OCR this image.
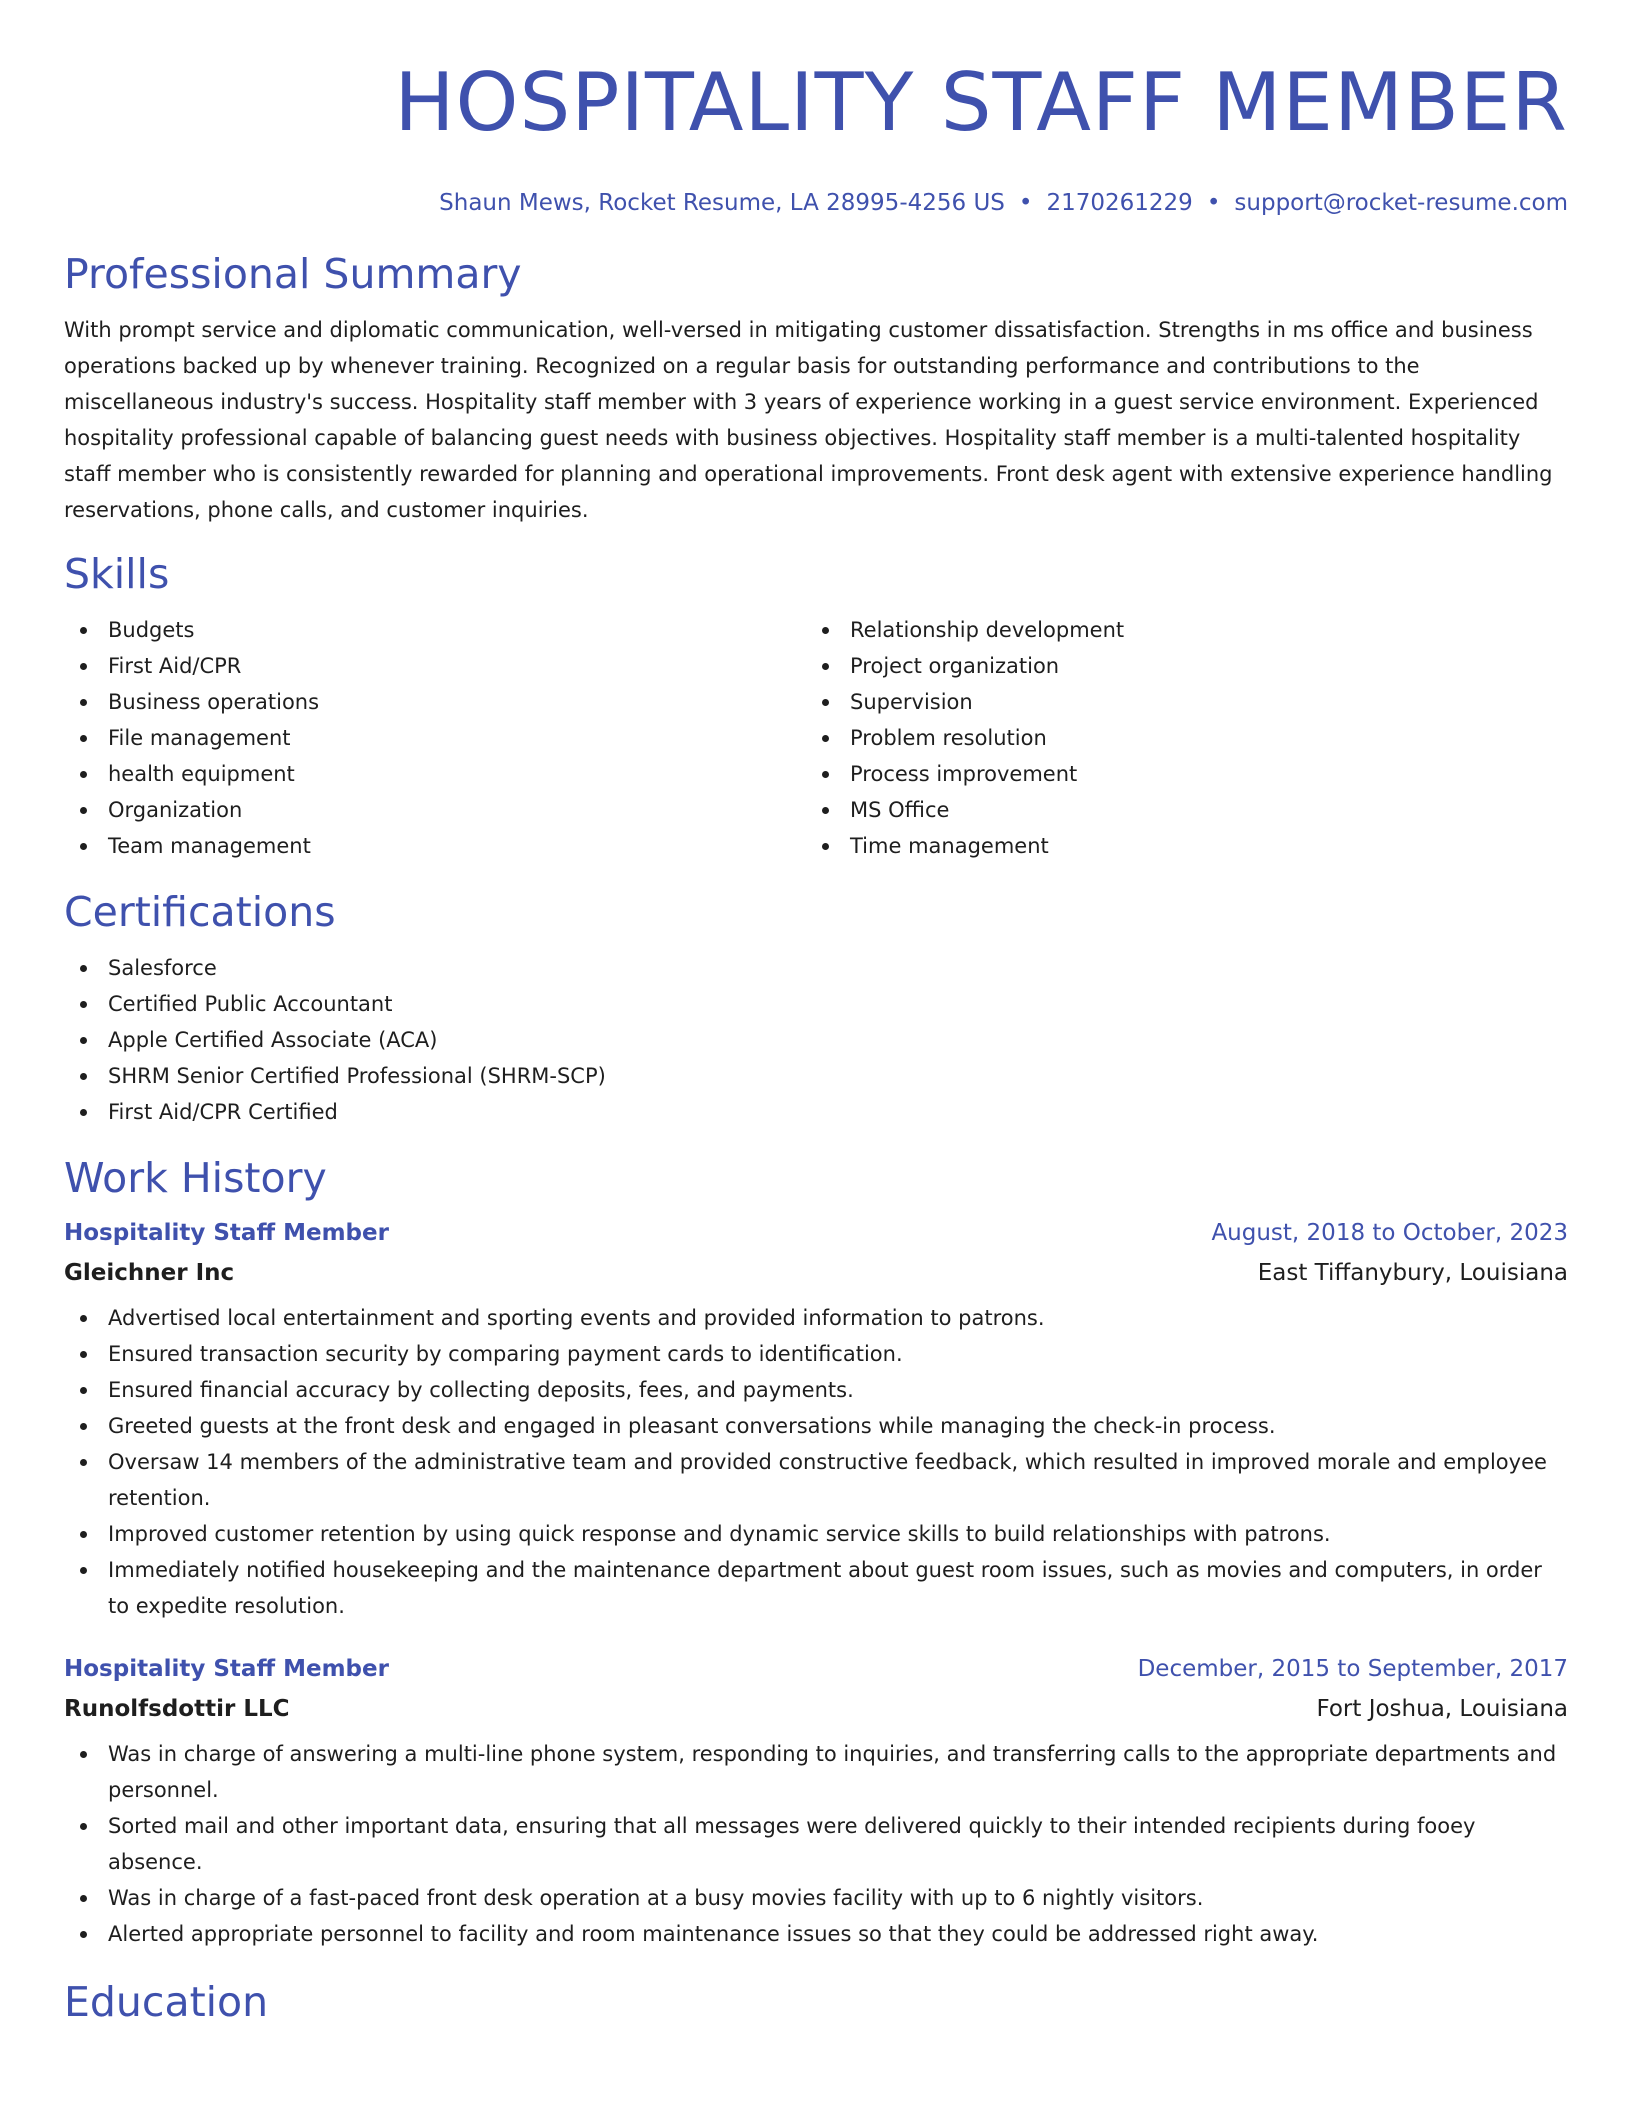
HOSPITALITY STAFF MEMBER
Shaun Mews, Rocket Resume, LA 28995-4256 US • 2170261229 • support@rocket-resume.com
Professional Summary

With prompt service and diplomatic communication, well-versed in mitigating customer dissatisfaction. Strengths in ms office and business operations backed up by whenever training. Recognized on a regular basis for outstanding performance and contributions to the miscellaneous industry's success. Hospitality staff member with 3 years of experience working in a guest service environment. Experienced hospitality professional capable of balancing guest needs with business objectives. Hospitality staff member is a multi-talented hospitality staff member who is consistently rewarded for planning and operational improvements. Front desk agent with extensive experience handling reservations, phone calls, and customer inquiries.

Skills
Budgets
First Aid/CPR
Business operations
File management
health equipment
Organization
Team management
Relationship development
Project organization
Supervision
Problem resolution
Process improvement
MS Office
Time management
Certifications
Salesforce
Certified Public Accountant
Apple Certified Associate (ACA)
SHRM Senior Certified Professional (SHRM-SCP)
First Aid/CPR Certified
Work History
Hospitality Staff Member	August, 2018 to October, 2023
Gleichner Inc	East Tiffanybury, Louisiana
Advertised local entertainment and sporting events and provided information to patrons.
Ensured transaction security by comparing payment cards to identification.
Ensured financial accuracy by collecting deposits, fees, and payments.
Greeted guests at the front desk and engaged in pleasant conversations while managing the check-in process.
Oversaw 14 members of the administrative team and provided constructive feedback, which resulted in improved morale and employee retention.
Improved customer retention by using quick response and dynamic service skills to build relationships with patrons.
Immediately notified housekeeping and the maintenance department about guest room issues, such as movies and computers, in order to expedite resolution.
Hospitality Staff Member	December, 2015 to September, 2017
Runolfsdottir LLC	Fort Joshua, Louisiana
Was in charge of answering a multi-line phone system, responding to inquiries, and transferring calls to the appropriate departments and personnel.
Sorted mail and other important data, ensuring that all messages were delivered quickly to their intended recipients during fooey absence.
Was in charge of a fast-paced front desk operation at a busy movies facility with up to 6 nightly visitors.
Alerted appropriate personnel to facility and room maintenance issues so that they could be addressed right away.
Education
